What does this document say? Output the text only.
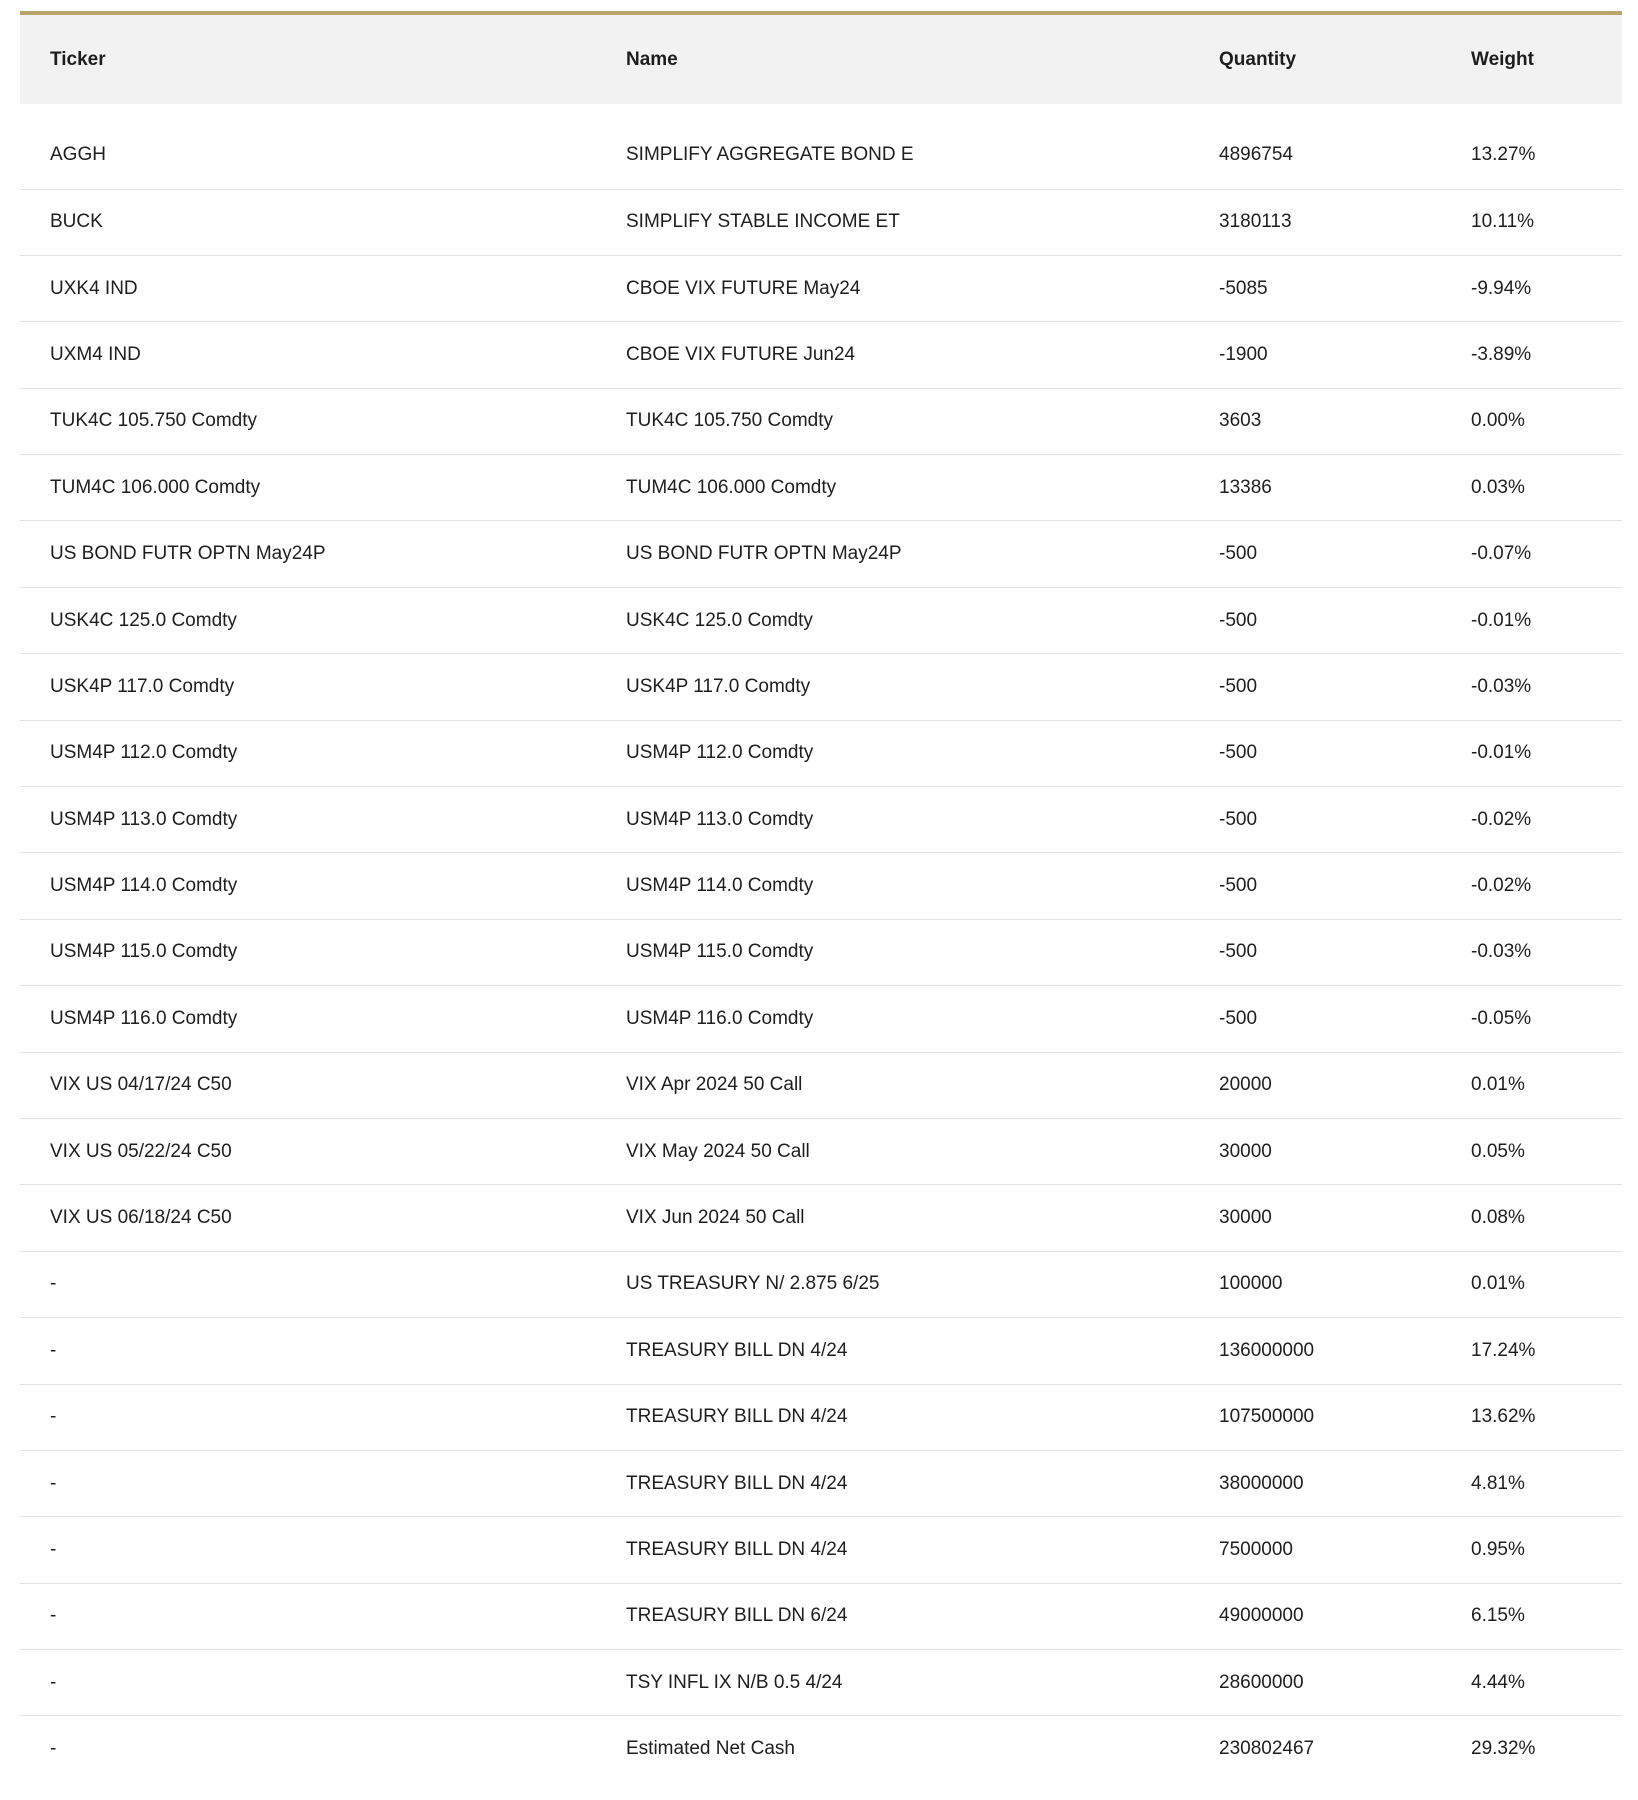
Ticker	Name	Quantity	Weight
AGGH	SIMPLIFY AGGREGATE BOND E	4896754	13.27%
BUCK	SIMPLIFY STABLE INCOME ET	3180113	10.11%
UXK4 IND	CBOE VIX FUTURE May24	-5085	-9.94%
UXM4 IND	CBOE VIX FUTURE Jun24	-1900	-3.89%
TUK4C 105.750 Comdty	TUK4C 105.750 Comdty	3603	0.00%
TUM4C 106.000 Comdty	TUM4C 106.000 Comdty	13386	0.03%
US BOND FUTR OPTN May24P	US BOND FUTR OPTN May24P	-500	-0.07%
USK4C 125.0 Comdty	USK4C 125.0 Comdty	-500	-0.01%
USK4P 117.0 Comdty	USK4P 117.0 Comdty	-500	-0.03%
USM4P 112.0 Comdty	USM4P 112.0 Comdty	-500	-0.01%
USM4P 113.0 Comdty	USM4P 113.0 Comdty	-500	-0.02%
USM4P 114.0 Comdty	USM4P 114.0 Comdty	-500	-0.02%
USM4P 115.0 Comdty	USM4P 115.0 Comdty	-500	-0.03%
USM4P 116.0 Comdty	USM4P 116.0 Comdty	-500	-0.05%
VIX US 04/17/24 C50	VIX Apr 2024 50 Call	20000	0.01%
VIX US 05/22/24 C50	VIX May 2024 50 Call	30000	0.05%
VIX US 06/18/24 C50	VIX Jun 2024 50 Call	30000	0.08%
-	US TREASURY N/ 2.875 6/25	100000	0.01%
-	TREASURY BILL DN 4/24	136000000	17.24%
-	TREASURY BILL DN 4/24	107500000	13.62%
-	TREASURY BILL DN 4/24	38000000	4.81%
-	TREASURY BILL DN 4/24	7500000	0.95%
-	TREASURY BILL DN 6/24	49000000	6.15%
-	TSY INFL IX N/B 0.5 4/24	28600000	4.44%
-	Estimated Net Cash	230802467	29.32%
